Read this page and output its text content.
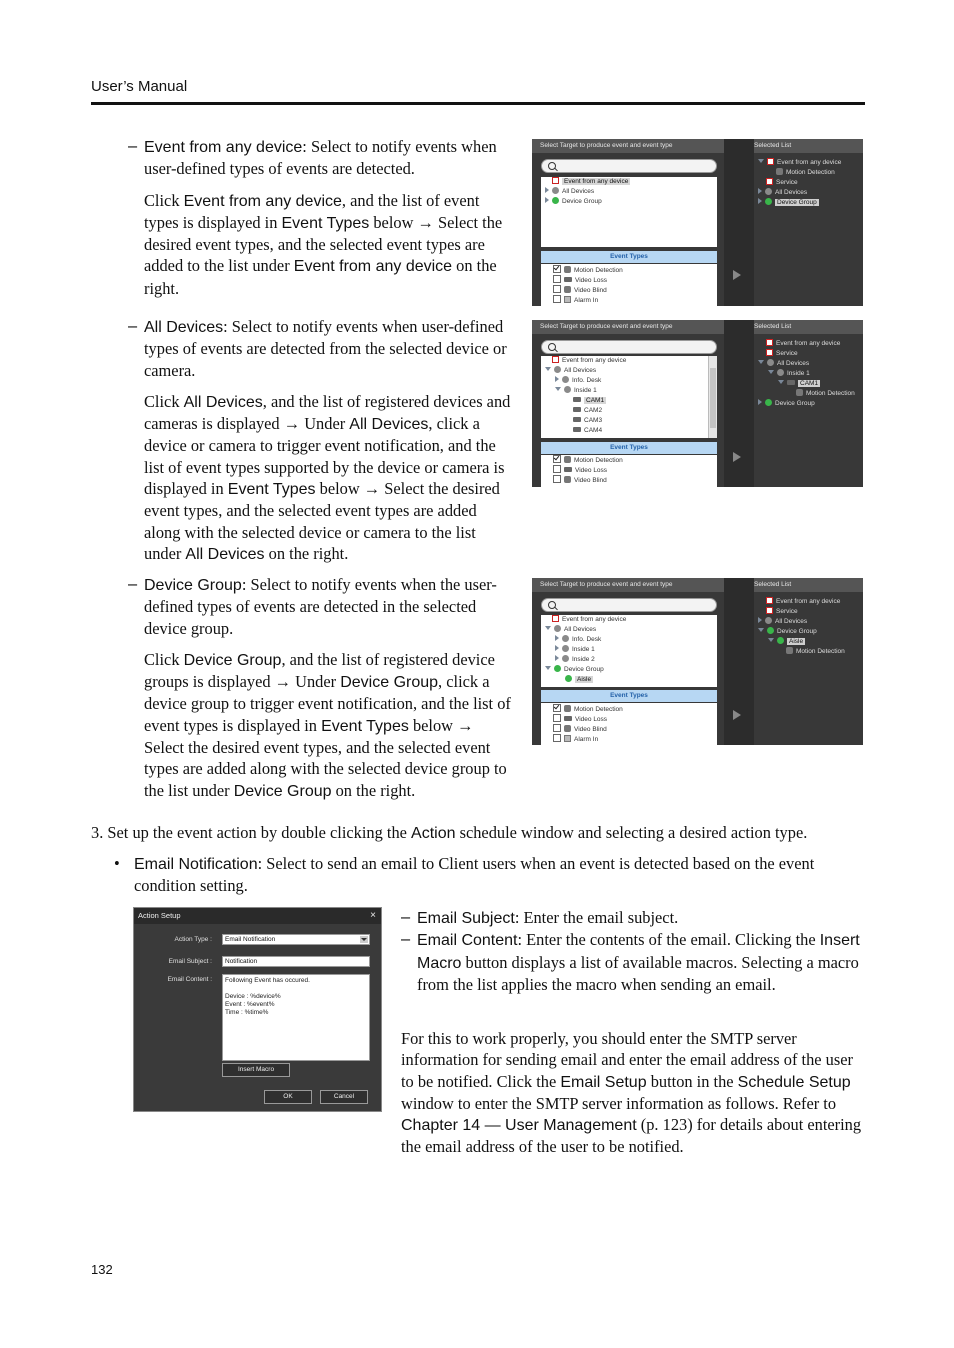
User’s Manual

– Event from any device: Select to notify events when user-defined types of events are detected.

Click Event from any device, and the list of event types is displayed in Event Types below → Select the desired event types, and the selected event types are added to the list under Event from any device on the right.

– All Devices: Select to notify events when user-defined types of events are detected from the selected device or camera.

Click All Devices, and the list of registered devices and cameras is displayed → Under All Devices, click a device or camera to trigger event notification, and the list of event types supported by the device or camera is displayed in Event Types below → Select the desired event types, and the selected event types are added along with the selected device or camera to the list under All Devices on the right.

– Device Group: Select to notify events when the user-defined types of events are detected in the selected device group.

Click Device Group, and the list of registered device groups is displayed → Under Device Group, click a device group to trigger event notification, and the list of event types is displayed in Event Types below → Select the desired event types, and the selected event types are added along with the selected device group to the list under Device Group on the right.

3. Set up the event action by double clicking the Action schedule window and selecting a desired action type.

• Email Notification: Select to send an email to Client users when an event is detected based on the event condition setting.

– Email Subject: Enter the email subject.

– Email Content: Enter the contents of the email. Clicking the Insert Macro button displays a list of available macros. Selecting a macro from the list applies the macro when sending an email.

For this to work properly, you should enter the SMTP server information for sending email and enter the email address of the user to be notified. Click the Email Setup button in the Schedule Setup window to enter the SMTP server information as follows. Refer to Chapter 14 — User Management (p. 123) for details about entering the email address of the user to be notified.

Select Target to produce event and event type
Event from any device
All Devices
Device Group
Event Types
Motion Detection
Video Loss
Video Blind
Alarm In
Selected List
Event from any device
Motion Detection
Service
All Devices
Device Group
Select Target to produce event and event type
Event from any device
All Devices
Info. Desk
Inside 1
CAM1
CAM2
CAM3
CAM4
Event Types
Motion Detection
Video Loss
Video Blind
Selected List
Event from any device
Service
All Devices
Inside 1
CAM1
Motion Detection
Device Group
Select Target to produce event and event type
Event from any device
All Devices
Info. Desk
Inside 1
Inside 2
Device Group
Aisle
Event Types
Motion Detection
Video Loss
Video Blind
Alarm In
Selected List
Event from any device
Service
All Devices
Device Group
Aisle
Motion Detection
Action Setup	×
Action Type :	Email Notification
Email Subject :	Notification
Email Content :	Following Event has occured.

Device : %device%
Event : %event%
Time : %time%
Insert Macro
OK	Cancel
132
